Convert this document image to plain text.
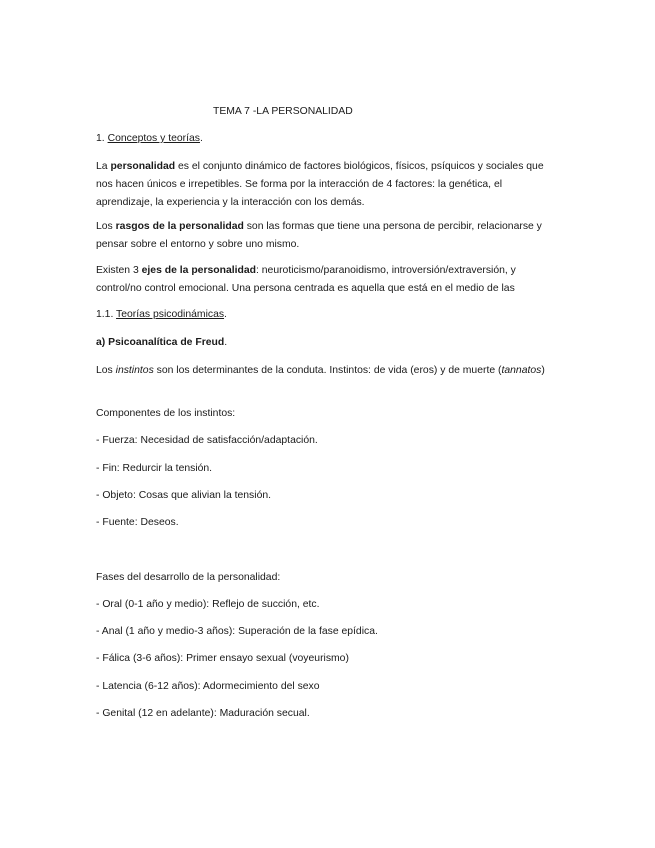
TEMA 7 -LA PERSONALIDAD

1. Conceptos y teorías.

La personalidad es el conjunto dinámico de factores biológicos, físicos, psíquicos y sociales que nos hacen únicos e irrepetibles. Se forma por la interacción de 4 factores: la genética, el aprendizaje, la experiencia y la interacción con los demás.

Los rasgos de la personalidad son las formas que tiene una persona de percibir, relacionarse y pensar sobre el entorno y sobre uno mismo.

Existen 3 ejes de la personalidad: neuroticismo/paranoidismo, introversión/extraversión, y control/no control emocional. Una persona centrada es aquella que está en el medio de las

1.1. Teorías psicodinámicas.

a) Psicoanalítica de Freud.

Los instintos son los determinantes de la conduta. Instintos: de vida (eros) y de muerte (tannatos)

Componentes de los instintos:

- Fuerza: Necesidad de satisfacción/adaptación.

- Fin: Redurcir la tensión.

- Objeto: Cosas que alivian la tensión.

- Fuente: Deseos.

Fases del desarrollo de la personalidad:

- Oral (0-1 año y medio): Reflejo de succión, etc.

- Anal (1 año y medio-3 años): Superación de la fase epídica.

- Fálica (3-6 años): Primer ensayo sexual (voyeurismo)

- Latencia (6-12 años): Adormecimiento del sexo

- Genital (12 en adelante): Maduración secual.
